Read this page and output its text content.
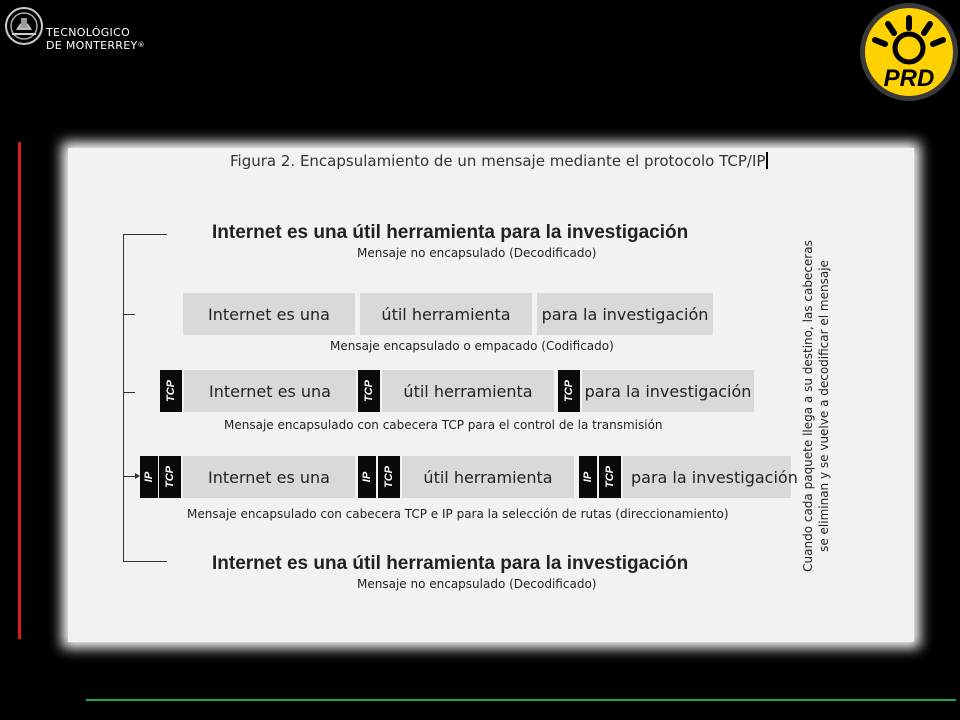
TECNOLÓGICO
DE MONTERREY®
PRD
Figura 2. Encapsulamiento de un mensaje mediante el protocolo TCP/IP
Internet es una útil herramienta para la investigación
Mensaje no encapsulado (Decodificado)
Internet es una	útil herramienta	para la investigación
Mensaje encapsulado o empacado (Codificado)
TCP	Internet es una	TCP	útil herramienta	TCP para la investigación
Mensaje encapsulado con cabecera TCP para el control de la transmisión
IP TCP	Internet es una	IP TCP	útil herramienta	IP TCP para la investigación
Mensaje encapsulado con cabecera TCP e IP para la selección de rutas (direccionamiento)
Internet es una útil herramienta para la investigación
Mensaje no encapsulado (Decodificado)
Cuando cada paquete llega a su destino, las cabeceras se eliminan y se vuelve a decodificar el mensaje
